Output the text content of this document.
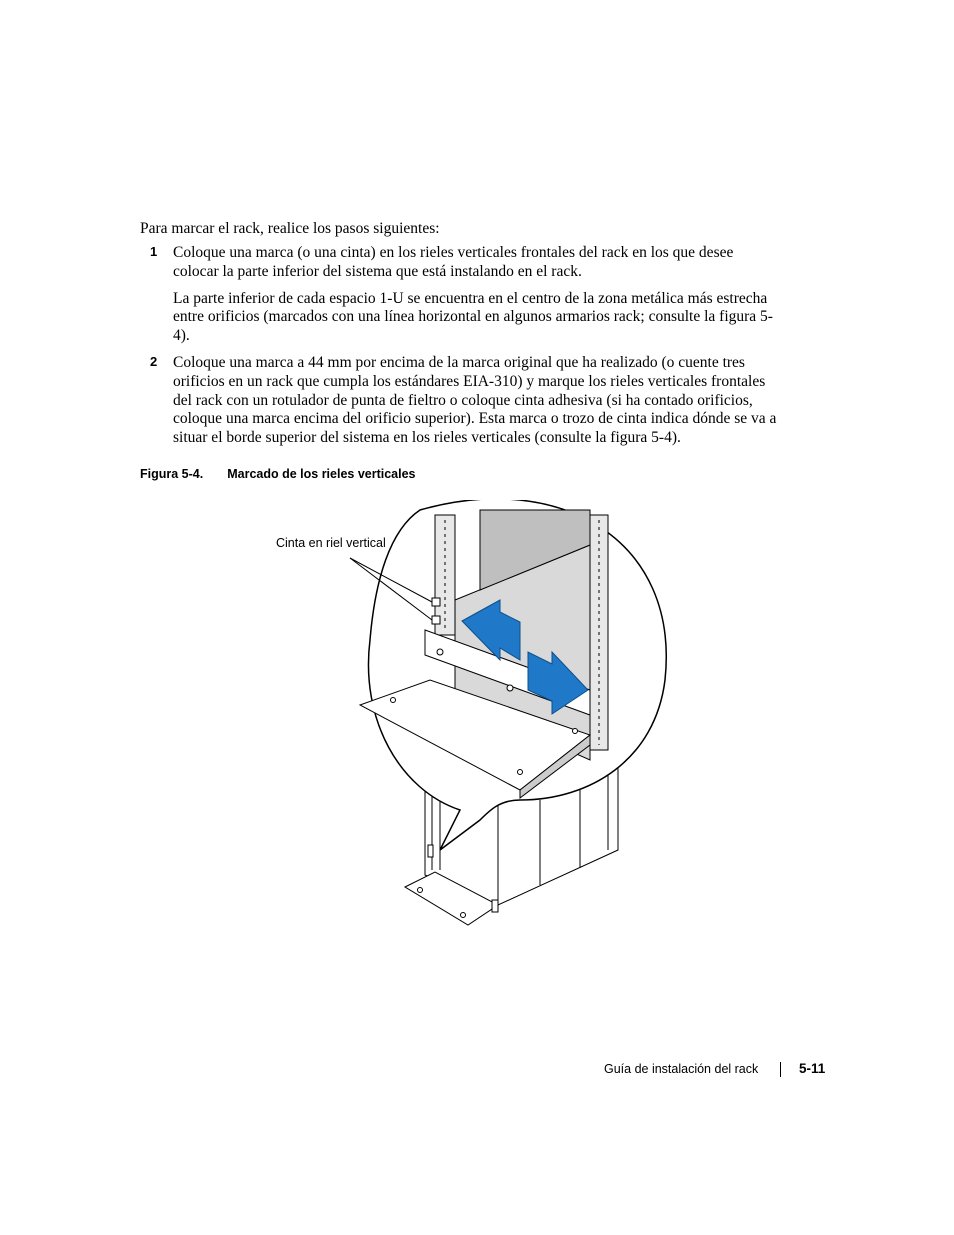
Para marcar el rack, realice los pasos siguientes:
1 Coloque una marca (o una cinta) en los rieles verticales frontales del rack en los que desee colocar la parte inferior del sistema que está instalando en el rack.

La parte inferior de cada espacio 1-U se encuentra en el centro de la zona metálica más estrecha entre orificios (marcados con una línea horizontal en algunos armarios rack; consulte la figura 5-4).

2 Coloque una marca a 44 mm por encima de la marca original que ha realizado (o cuente tres orificios en un rack que cumpla los estándares EIA-310) y marque los rieles verticales frontales del rack con un rotulador de punta de fieltro o coloque cinta adhesiva (si ha contado orificios, coloque una marca encima del orificio superior). Esta marca o trozo de cinta indica dónde se va a situar el borde superior del sistema en los rieles verticales (consulte la figura 5-4).

Figura 5-4. Marcado de los rieles verticales
Cinta en riel vertical
Guía de instalación del rack	5-11
